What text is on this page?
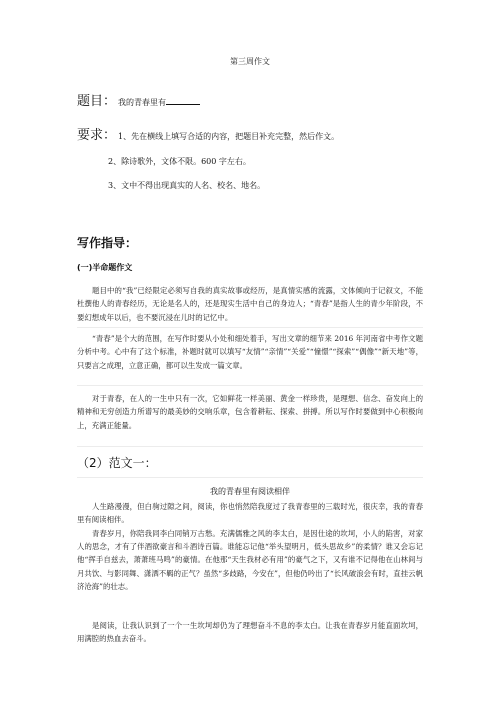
第三周作文
题目： 我的青春里有
要求： 1、先在横线上填写合适的内容，把题目补充完整，然后作文。
2、除诗歌外，文体不限。600 字左右。
3、文中不得出现真实的人名、校名、地名。
写作指导：
(一)半命题作文
题目中的“我”已经限定必须写自我的真实故事或经历，是真情实感的流露，文体倾向于记叙文，不能杜撰他人的青春经历，无论是名人的，还是现实生活中自己的身边人；“青春”是指人生的青少年阶段，不要幻想成年以后，也不要沉浸在儿时的记忆中。
“青春”是个大的范围，在写作时要从小处和细处着手，写出文章的细节来 2016 年河南省中考作文题分析中考。心中有了这个标准，补题时就可以填写“友情”“亲情”“关爱”“憧憬”“探索”“偶像”“新天地”等，只要言之成理，立意正确，都可以生发成一篇文章。
对于青春，在人的一生中只有一次，它如鲜花一样美丽、黄金一样珍贵，是理想、信念、奋发向上的精神和无穷创造力所谱写的最美妙的交响乐章，包含着耕耘、探索、拼搏。所以写作时要做到中心积极向上，充满正能量。
（2）范文一：
我的青春里有阅读相伴
人生路漫漫，但白驹过隙之间，阅读，你也悄然陪我度过了我青春里的三载时光，很庆幸，我的青春里有阅读相伴。
青春岁月，你陪我同李白同销万古愁。充满儒雅之风的李太白，是因仕途的坎坷，小人的陷害，对家人的思念，才有了伴酒欲豪言和斗酒诗百篇。谁能忘记他“举头望明月，低头思故乡”的柔情？谁又会忘记他“挥手自兹去，萧萧班马鸣”的豪情。在他那“天生我材必有用”的豪气之下，又有谁不记得他在山林间与月共饮、与影同舞、潇洒不羁的正气？虽然“多歧路，今安在”，但他仍吟出了“长风破浪会有时，直挂云帆济沧海”的壮志。
是阅读，让我认识到了一个一生坎坷却仍为了理想奋斗不息的李太白。让我在青春岁月能直面坎坷，用满腔的热血去奋斗。
